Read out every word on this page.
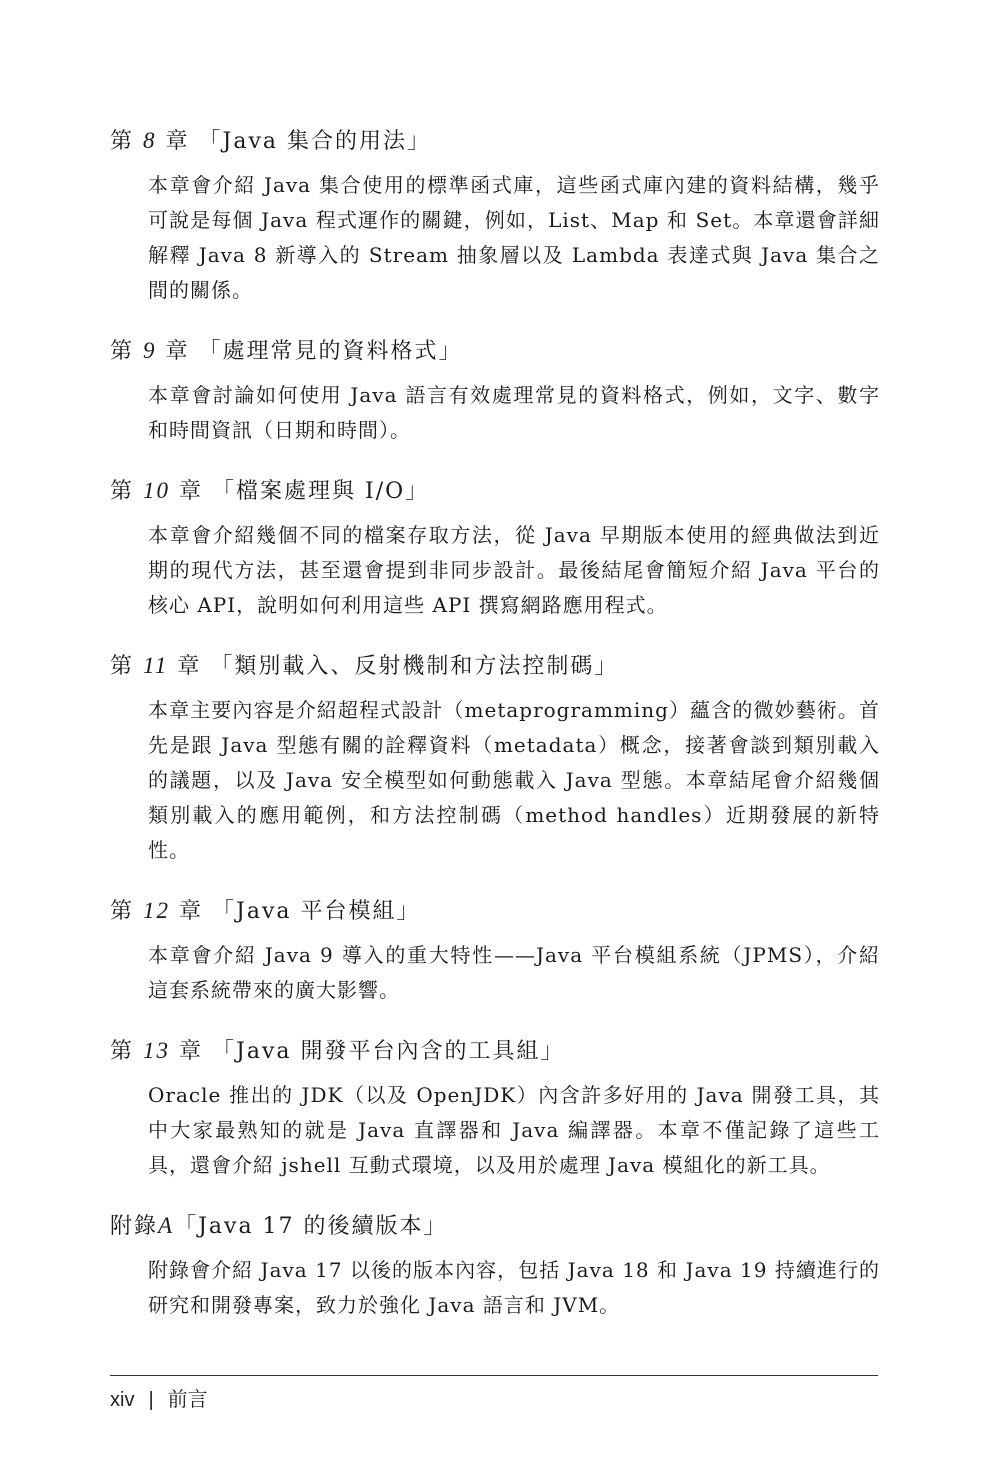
第 8 章 「Java 集合的用法」
本章會介紹 Java 集合使用的標準函式庫，這些函式庫內建的資料結構，幾乎可說是每個 Java 程式運作的關鍵，例如，List、Map 和 Set。本章還會詳細解釋 Java 8 新導入的 Stream 抽象層以及 Lambda 表達式與 Java 集合之間的關係。
第 9 章 「處理常見的資料格式」
本章會討論如何使用 Java 語言有效處理常見的資料格式，例如，文字、數字和時間資訊（日期和時間）。
第 10 章 「檔案處理與 I/O」
本章會介紹幾個不同的檔案存取方法，從 Java 早期版本使用的經典做法到近期的現代方法，甚至還會提到非同步設計。最後結尾會簡短介紹 Java 平台的核心 API，說明如何利用這些 API 撰寫網路應用程式。
第 11 章 「類別載入、反射機制和方法控制碼」
本章主要內容是介紹超程式設計（metaprogramming）蘊含的微妙藝術。首先是跟 Java 型態有關的詮釋資料（metadata）概念，接著會談到類別載入的議題，以及 Java 安全模型如何動態載入 Java 型態。本章結尾會介紹幾個類別載入的應用範例，和方法控制碼（method handles）近期發展的新特性。
第 12 章 「Java 平台模組」
本章會介紹 Java 9 導入的重大特性——Java 平台模組系統（JPMS），介紹這套系統帶來的廣大影響。
第 13 章 「Java 開發平台內含的工具組」
Oracle 推出的 JDK（以及 OpenJDK）內含許多好用的 Java 開發工具，其中大家最熟知的就是 Java 直譯器和 Java 編譯器。本章不僅記錄了這些工具，還會介紹 jshell 互動式環境，以及用於處理 Java 模組化的新工具。
附錄A「Java 17 的後續版本」
附錄會介紹 Java 17 以後的版本內容，包括 Java 18 和 Java 19 持續進行的研究和開發專案，致力於強化 Java 語言和 JVM。
xiv | 前言
